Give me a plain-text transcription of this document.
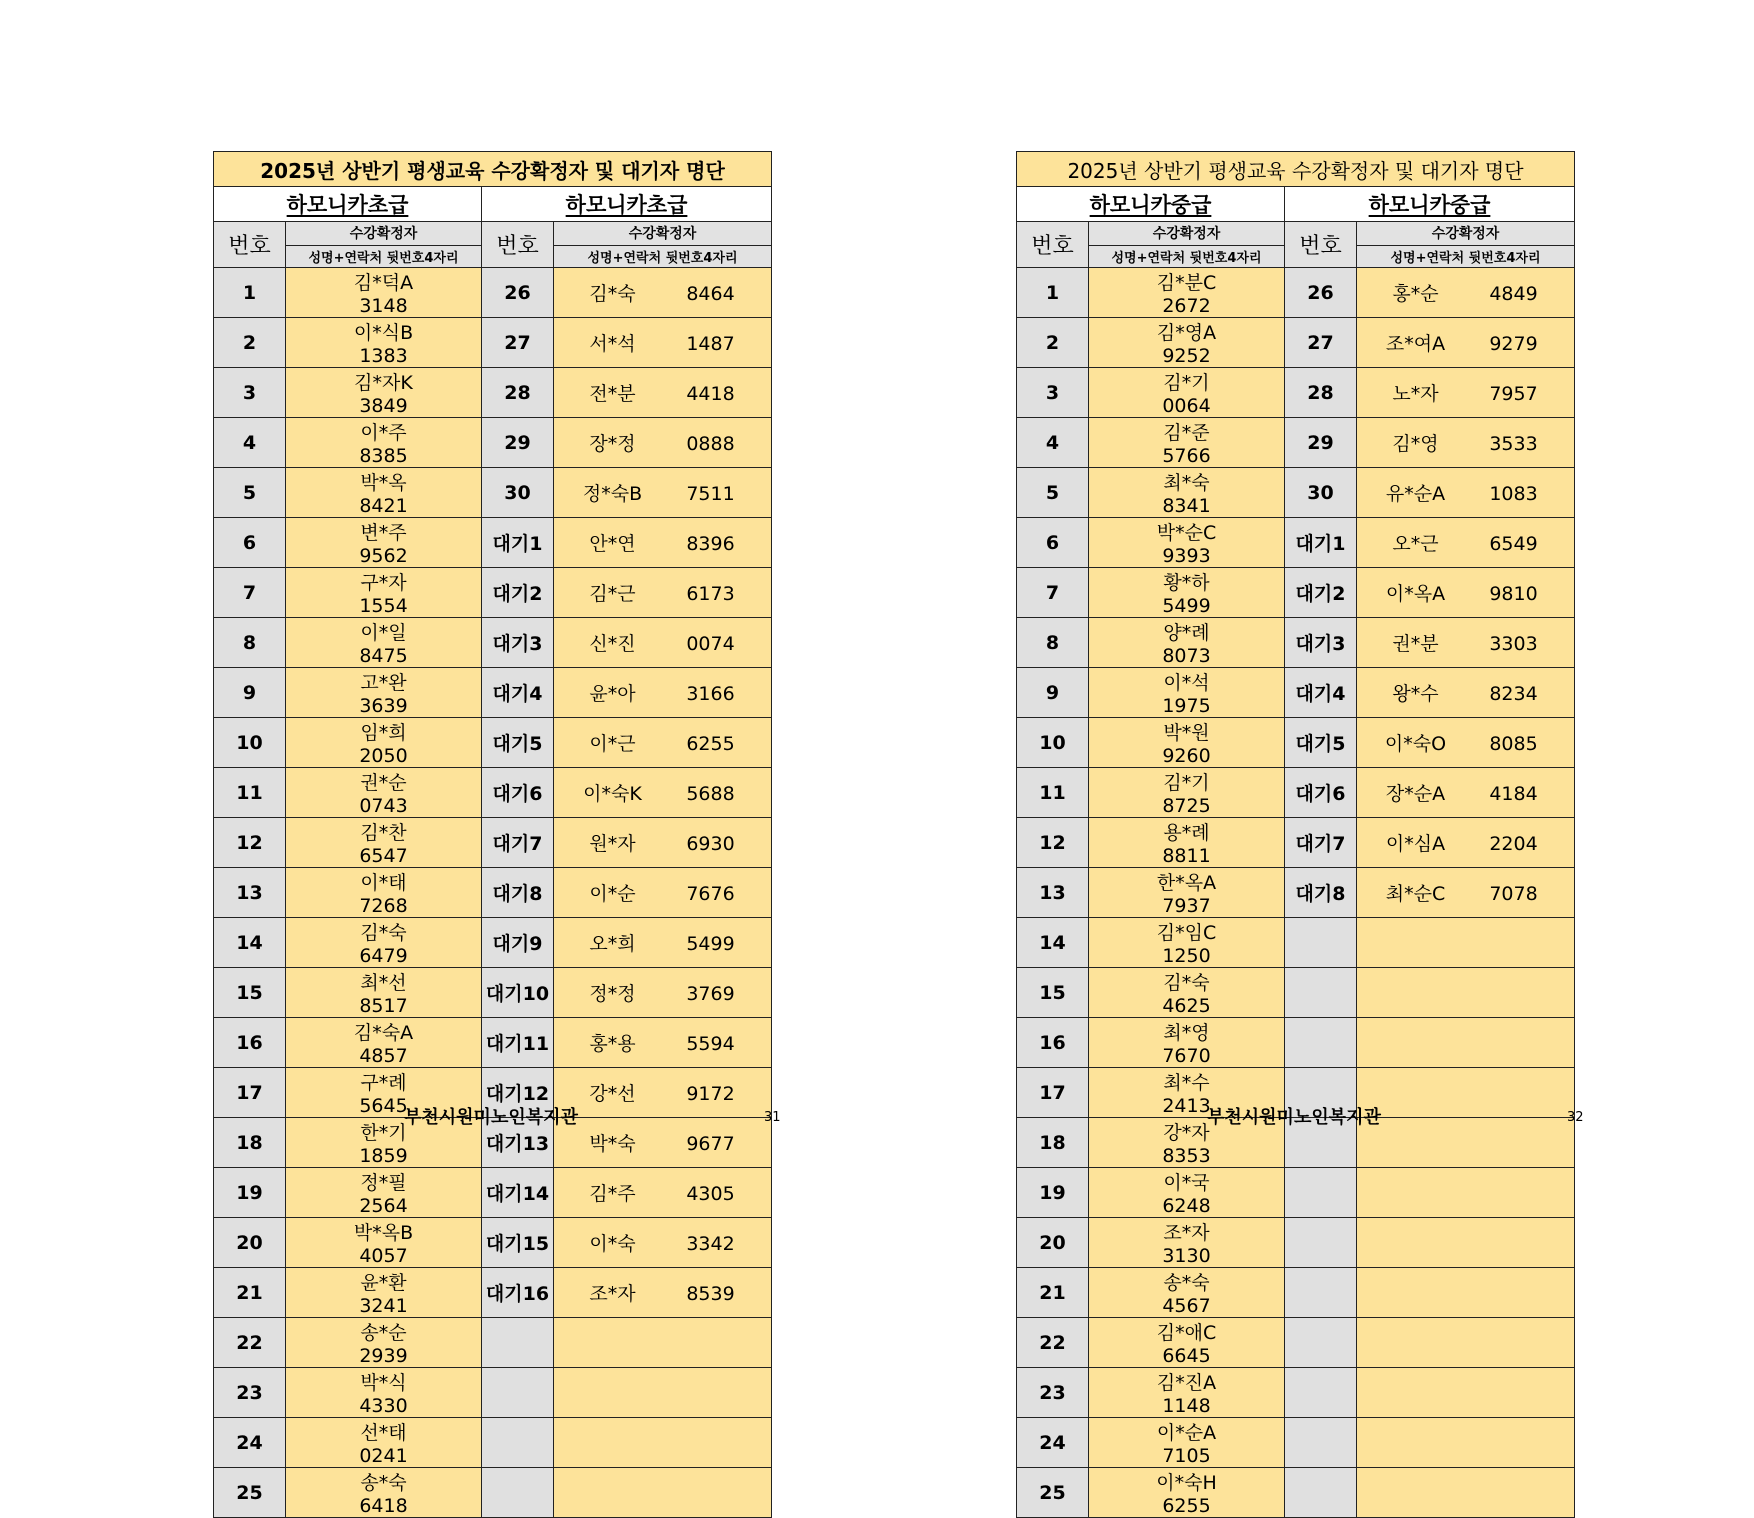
2025년 상반기 평생교육 수강확정자 및 대기자 명단			
하모니카초급		하모니카초급	
번호	수강확정자	번호	수강확정자
	성명+연락처 뒷번호4자리		성명+연락처 뒷번호4자리
1	김*덕A3148	26	김*숙 8464
2	이*식B1383	27	서*석 1487
3	김*자K3849	28	전*분 4418
4	이*주8385	29	장*정 0888
5	박*옥8421	30	정*숙B 7511
6	변*주9562	대기1	안*연 8396
7	구*자1554	대기2	김*근 6173
8	이*일8475	대기3	신*진 0074
9	고*완3639	대기4	윤*아 3166
10	임*희2050	대기5	이*근 6255
11	권*순0743	대기6	이*숙K 5688
12	김*찬6547	대기7	원*자 6930
13	이*태7268	대기8	이*순 7676
14	김*숙6479	대기9	오*희 5499
15	최*선8517	대기10	정*정 3769
16	김*숙A4857	대기11	홍*용 5594
17	구*례5645	대기12	강*선 9172
18	한*기1859	대기13	박*숙 9677
19	정*필2564	대기14	김*주 4305
20	박*옥B4057	대기15	이*숙 3342
21	윤*환3241	대기16	조*자 8539
22	송*순2939		
23	박*식4330		
24	선*태0241		
25	송*숙6418		
부천시원미노인복지관	31
2025년 상반기 평생교육 수강확정자 및 대기자 명단			
하모니카중급		하모니카중급	
번호	수강확정자	번호	수강확정자
	성명+연락처 뒷번호4자리		성명+연락처 뒷번호4자리
1	김*분C2672	26	홍*순 4849
2	김*영A9252	27	조*여A 9279
3	김*기0064	28	노*자 7957
4	김*준5766	29	김*영 3533
5	최*숙8341	30	유*순A 1083
6	박*순C9393	대기1	오*근 6549
7	황*하5499	대기2	이*옥A 9810
8	양*례8073	대기3	권*분 3303
9	이*석1975	대기4	왕*수 8234
10	박*원9260	대기5	이*숙O 8085
11	김*기8725	대기6	장*순A 4184
12	용*례8811	대기7	이*심A 2204
13	한*옥A7937	대기8	최*순C 7078
14	김*임C1250		
15	김*숙4625		
16	최*영7670		
17	최*수2413		
18	강*자8353		
19	이*국6248		
20	조*자3130		
21	송*숙4567		
22	김*애C6645		
23	김*진A1148		
24	이*순A7105		
25	이*숙H6255		
부천시원미노인복지관	32
